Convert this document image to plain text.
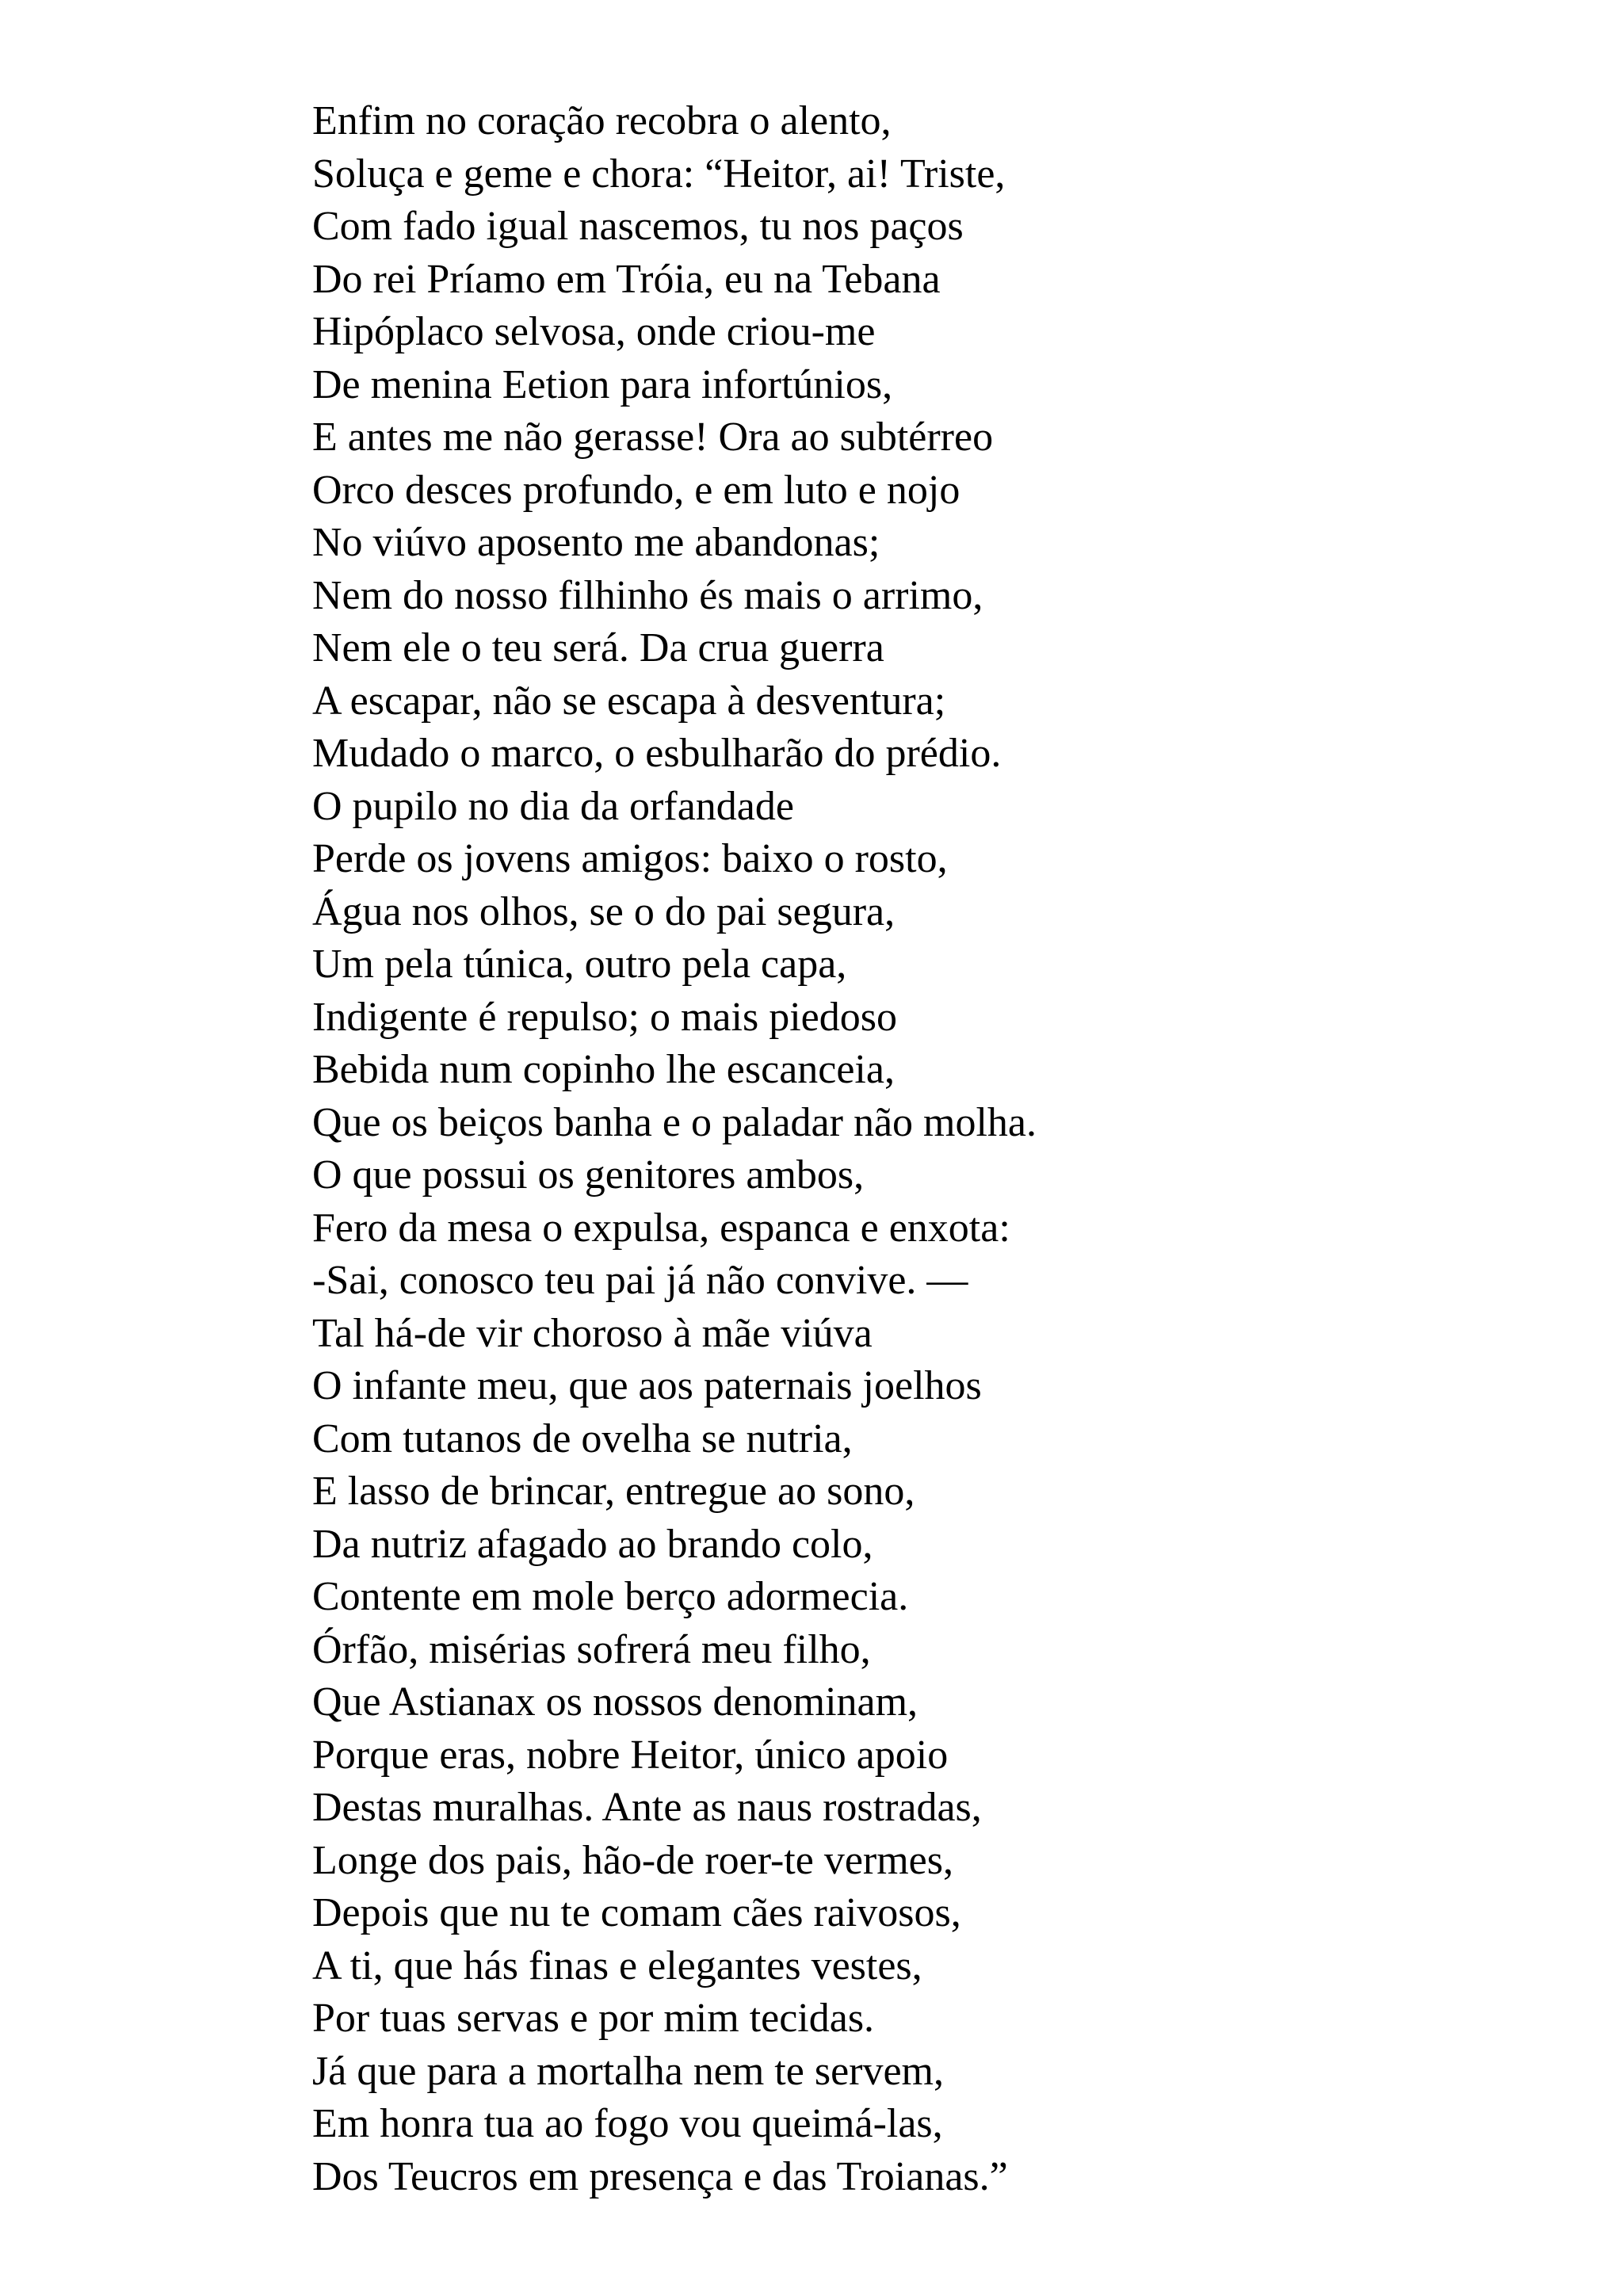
Enfim no coração recobra o alento,
Soluça e geme e chora: “Heitor, ai! Triste,
Com fado igual nascemos, tu nos paços
Do rei Príamo em Tróia, eu na Tebana
Hipóplaco selvosa, onde criou-me
De menina Eetion para infortúnios,
E antes me não gerasse! Ora ao subtérreo
Orco desces profundo, e em luto e nojo
No viúvo aposento me abandonas;
Nem do nosso filhinho és mais o arrimo,
Nem ele o teu será. Da crua guerra
A escapar, não se escapa à desventura;
Mudado o marco, o esbulharão do prédio.
O pupilo no dia da orfandade
Perde os jovens amigos: baixo o rosto,
Água nos olhos, se o do pai segura,
Um pela túnica, outro pela capa,
Indigente é repulso; o mais piedoso
Bebida num copinho lhe escanceia,
Que os beiços banha e o paladar não molha.
O que possui os genitores ambos,
Fero da mesa o expulsa, espanca e enxota:
-Sai, conosco teu pai já não convive. —
Tal há-de vir choroso à mãe viúva
O infante meu, que aos paternais joelhos
Com tutanos de ovelha se nutria,
E lasso de brincar, entregue ao sono,
Da nutriz afagado ao brando colo,
Contente em mole berço adormecia.
Órfão, misérias sofrerá meu filho,
Que Astianax os nossos denominam,
Porque eras, nobre Heitor, único apoio
Destas muralhas. Ante as naus rostradas,
Longe dos pais, hão-de roer-te vermes,
Depois que nu te comam cães raivosos,
A ti, que hás finas e elegantes vestes,
Por tuas servas e por mim tecidas.
Já que para a mortalha nem te servem,
Em honra tua ao fogo vou queimá-las,
Dos Teucros em presença e das Troianas.”
